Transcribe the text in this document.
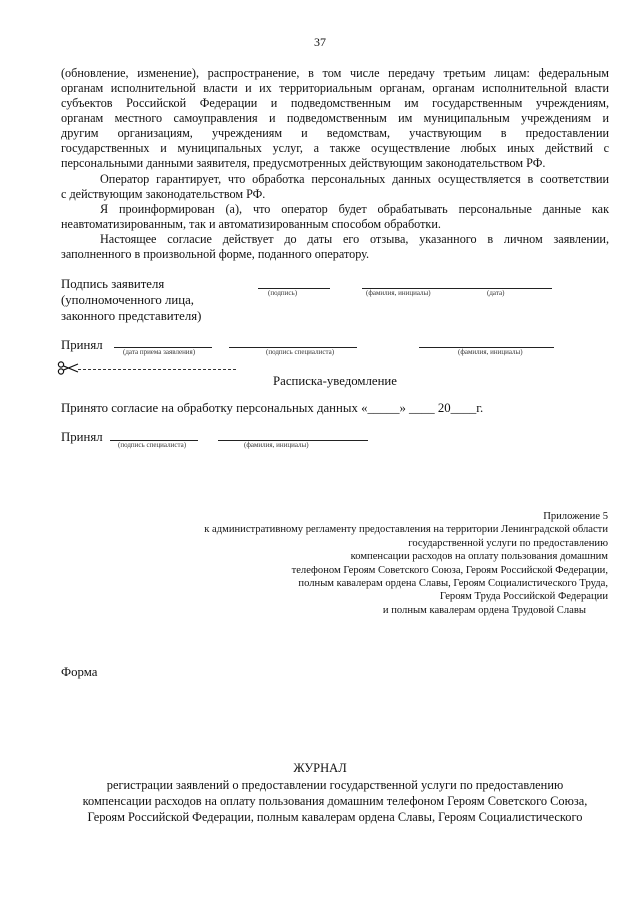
37
(обновление, изменение), распространение, в том числе передачу третьим лицам: федеральным
органам исполнительной власти и их территориальным органам, органам исполнительной власти
субъектов Российской Федерации и подведомственным им государственным учреждениям,
органам местного самоуправления и подведомственным им муниципальным учреждениям и
другим организациям, учреждениям и ведомствам, участвующим в предоставлении
государственных и муниципальных услуг, а также осуществление любых иных действий с
персональными данными заявителя, предусмотренных действующим законодательством РФ.
Оператор гарантирует, что обработка персональных данных осуществляется в соответствии
с действующим законодательством РФ.
Я проинформирован (а), что оператор будет обрабатывать персональные данные как
неавтоматизированным, так и автоматизированным способом обработки.
Настоящее согласие действует до даты его отзыва, указанного в личном заявлении,
заполненного в произвольной форме, поданного оператору.
Подпись заявителя
(уполномоченного лица,
законного представителя)
(подпись)	(фамилия, инициалы)	(дата)
Принял	(дата приема заявления)	(подпись специалиста)	(фамилия, инициалы)
Расписка-уведомление
Принято согласие на обработку персональных данных «_____» ____ 20____г.
Принял
(подпись специалиста)	(фамилия, инициалы)
Приложение 5
к административному регламенту предоставления на территории Ленинградской области
государственной услуги по предоставлению
компенсации расходов на оплату пользования домашним
телефоном Героям Советского Союза, Героям Российской Федерации,
полным кавалерам ордена Славы, Героям Социалистического Труда,
Героям Труда Российской Федерации
и полным кавалерам ордена Трудовой Славы
Форма
ЖУРНАЛ
регистрации заявлений о предоставлении государственной услуги по предоставлению
компенсации расходов на оплату пользования домашним телефоном Героям Советского Союза,
Героям Российской Федерации, полным кавалерам ордена Славы, Героям Социалистического
